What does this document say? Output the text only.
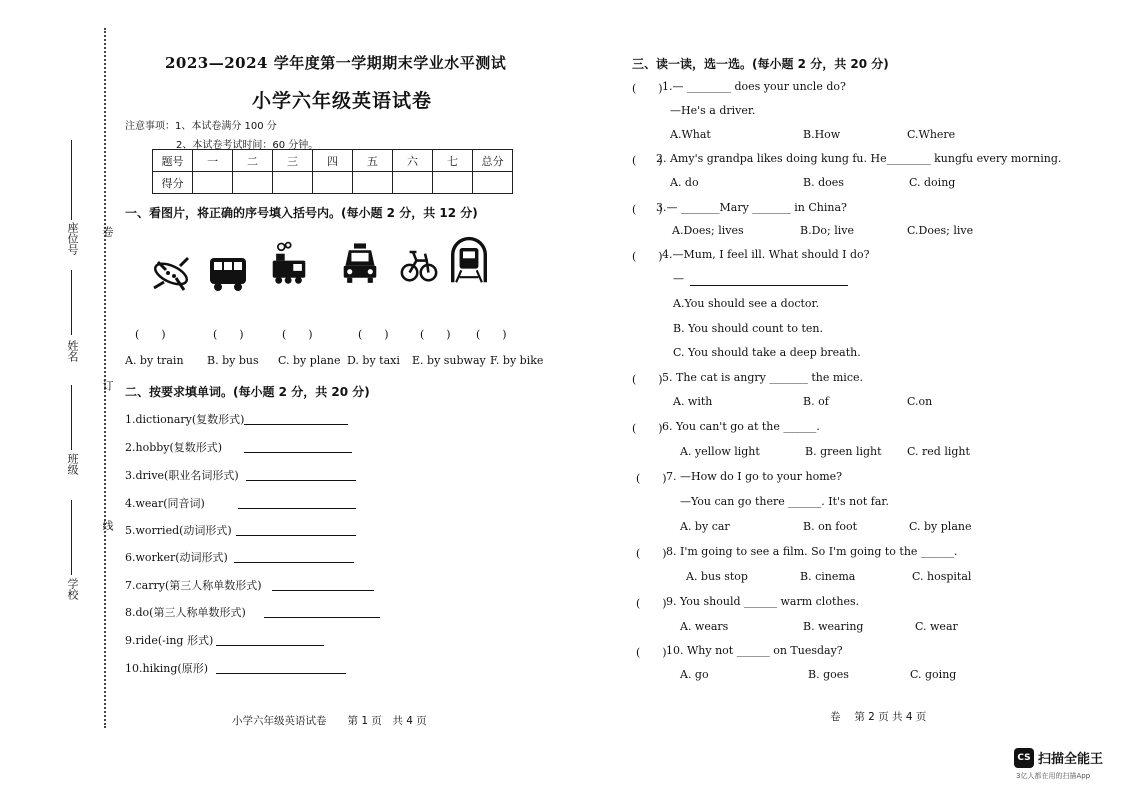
卷
订
线
座位号
姓名
班级
学校
2023—2024 学年度第一学期期末学业水平测试
小学六年级英语试卷
注意事项：1、本试卷满分 100 分
2、本试卷考试时间：60 分钟。
题号	一	二	三	四	五	六	七	总分
得分								
一、看图片，将正确的序号填入括号内。(每小题 2 分，共 12 分)
(　　)	(　　)	(　　)	(　　)	(　　) (　　)
A. by train B. by bus C. by plane D. by taxi E. by subway F. by bike
二、按要求填单词。(每小题 2 分，共 20 分)
1.dictionary(复数形式)
2.hobby(复数形式)
3.drive(职业名词形式)
4.wear(同音词)
5.worried(动词形式)
6.worker(动词形式)
7.carry(第三人称单数形式)
8.do(第三人称单数形式)
9.ride(-ing 形式)
10.hiking(原形)
小学六年级英语试卷　　第 1 页　共 4 页
三、读一读，选一选。(每小题 2 分，共 20 分)
(　　) 1.— ________ does your uncle do?
—He's a driver.
A.What	B.How	C.Where
(　　)
2. Amy's grandpa likes doing kung fu. He________ kungfu every morning.
A. do	B. does	C. doing
(　　)
3.— _______Mary _______ in China?
A.Does; lives	B.Do; live	C.Does; live
(　　) 4.—Mum, I feel ill. What should I do?
—
A.You should see a doctor.
B. You should count to ten.
C. You should take a deep breath.
(　　) 5. The cat is angry _______ the mice.
A. with	B. of	C.on
(　　) 6. You can't go at the ______.
A. yellow light	B. green light C. red light
(　　) 7. —How do I go to your home?
—You can go there ______. It's not far.
A. by car	B. on foot	C. by plane
(　　) 8. I'm going to see a film. So I'm going to the ______.
A. bus stop	B. cinema	C. hospital
(　　) 9. You should ______ warm clothes.
A. wears	B. wearing	C. wear
(　　) 10. Why not ______ on Tuesday?
A. go	B. goes	C. going
卷　 第 2 页 共 4 页
CS 扫描全能王
3亿人都在用的扫描App
